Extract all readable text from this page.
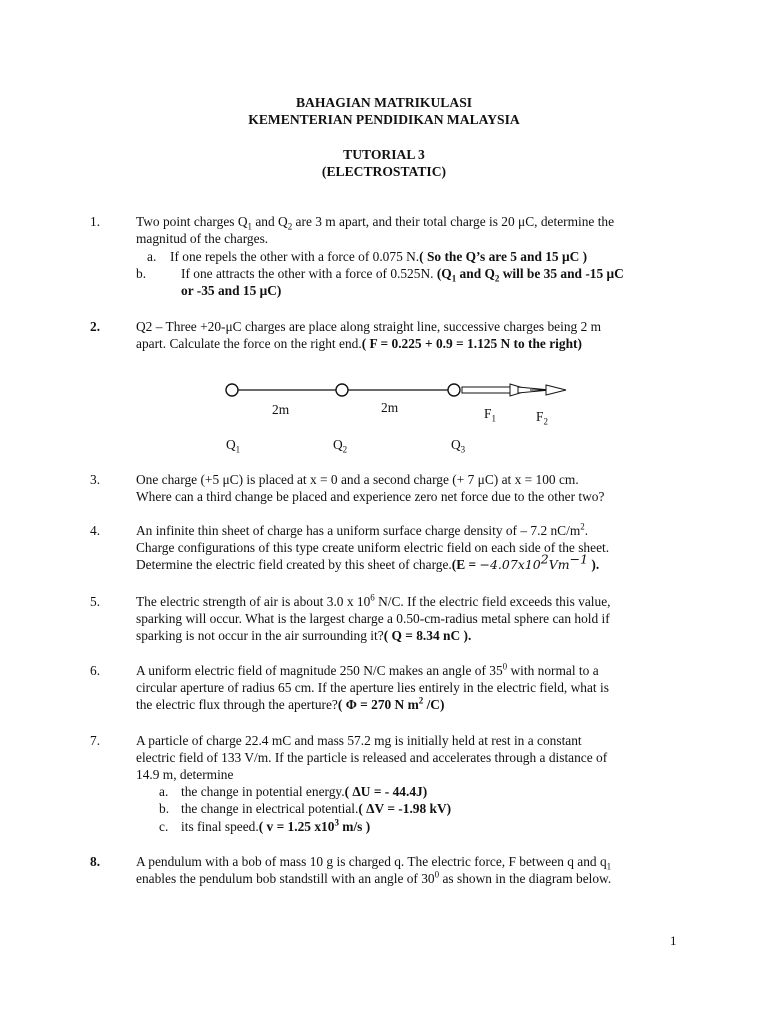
BAHAGIAN MATRIKULASI
KEMENTERIAN PENDIDIKAN MALAYSIA
TUTORIAL 3
(ELECTROSTATIC)
1.	Two point charges $Q_1$ and $Q_2$ are 3 m apart, and their total charge is 20 μC, determine the
magnitud of the charges.
a. If one repels the other with a force of 0.075 N.( So the Q’s are 5 and 15 μC )
b.	If one attracts the other with a force of 0.525N. ($Q_1$ and $Q_2$ will be 35 and -15 μC
or -35 and 15 μC)
2.	Q2 – Three +20-μC charges are place along straight line, successive charges being 2 m
apart. Calculate the force on the right end.( F = 0.225 + 0.9 = 1.125 N to the right)
2m	2m	$F_1$	$F_2$
$Q_1$	$Q_2$	$Q_3$
3.	One charge (+5 μC) is placed at x = 0 and a second charge (+ 7 μC) at x = 100 cm.
Where can a third change be placed and experience zero net force due to the other two?
4.	An infinite thin sheet of charge has a uniform surface charge density of – 7.2 $nC/m^2$.
Charge configurations of this type create uniform electric field on each side of the sheet.
Determine the electric field created by this sheet of charge.(E = $-4.07x10^2Vm^{-1}$ ).
5.	The electric strength of air is about 3.0 x $10^6$ N/C. If the electric field exceeds this value,
sparking will occur. What is the largest charge a 0.50-cm-radius metal sphere can hold if
sparking is not occur in the air surrounding it?( Q = 8.34 nC ).
6.	A uniform electric field of magnitude 250 N/C makes an angle of $35^0$ with normal to a
circular aperture of radius 65 cm. If the aperture lies entirely in the electric field, what is
the electric flux through the aperture?( Φ = 270 N $m^2$ /C)
7.	A particle of charge 22.4 mC and mass 57.2 mg is initially held at rest in a constant
electric field of 133 V/m. If the particle is released and accelerates through a distance of
14.9 m, determine
a. the change in potential energy.( ΔU = - 44.4J)
b. the change in electrical potential.( ΔV = -1.98 kV)
c. its final speed.( v = 1.25 $x10^3$ m/s )
8.	A pendulum with a bob of mass 10 g is charged q. The electric force, F between q and $q_1$
enables the pendulum bob standstill with an angle of $30^0$ as shown in the diagram below.
1
